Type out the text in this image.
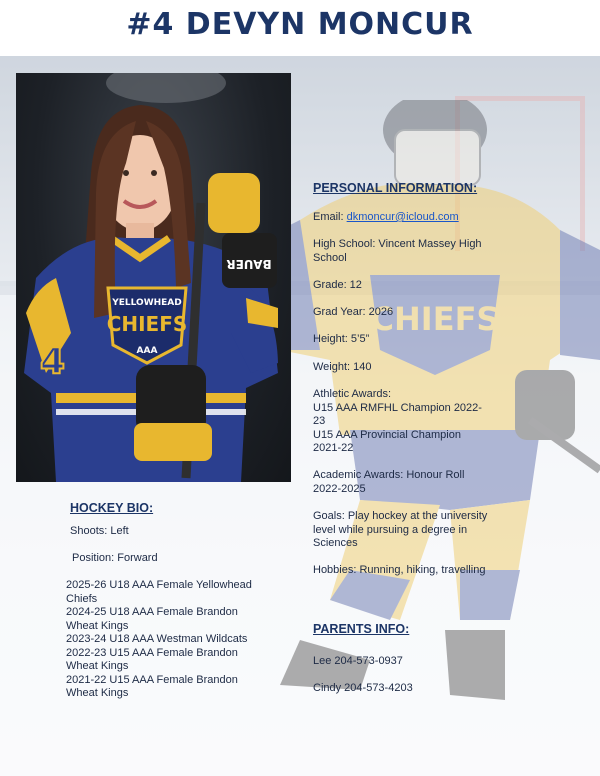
#4 DEVYN MONCUR
CHIEFS
4
YELLOWHEAD
CHIEFS
AAA
BAUER
PERSONAL INFORMATION:
Email: dkmoncur@icloud.com
High School: Vincent Massey High
School
Grade: 12
Grad Year: 2026
Height: 5’5”
Weight: 140
Athletic Awards:
U15 AAA RMFHL Champion 2022-
23
U15 AAA Provincial Champion
2021-22
Academic Awards: Honour Roll
2022-2025
Goals: Play hockey at the university
level while pursuing a degree in
Sciences
Hobbies: Running, hiking, travelling
PARENTS INFO:
Lee 204-573-0937
Cindy 204-573-4203
HOCKEY BIO:
Shoots: Left
Position: Forward
2025-26 U18 AAA Female Yellowhead
Chiefs
2024-25 U18 AAA Female Brandon
Wheat Kings
2023-24 U18 AAA Westman Wildcats
2022-23 U15 AAA Female Brandon
Wheat Kings
2021-22 U15 AAA Female Brandon
Wheat Kings
